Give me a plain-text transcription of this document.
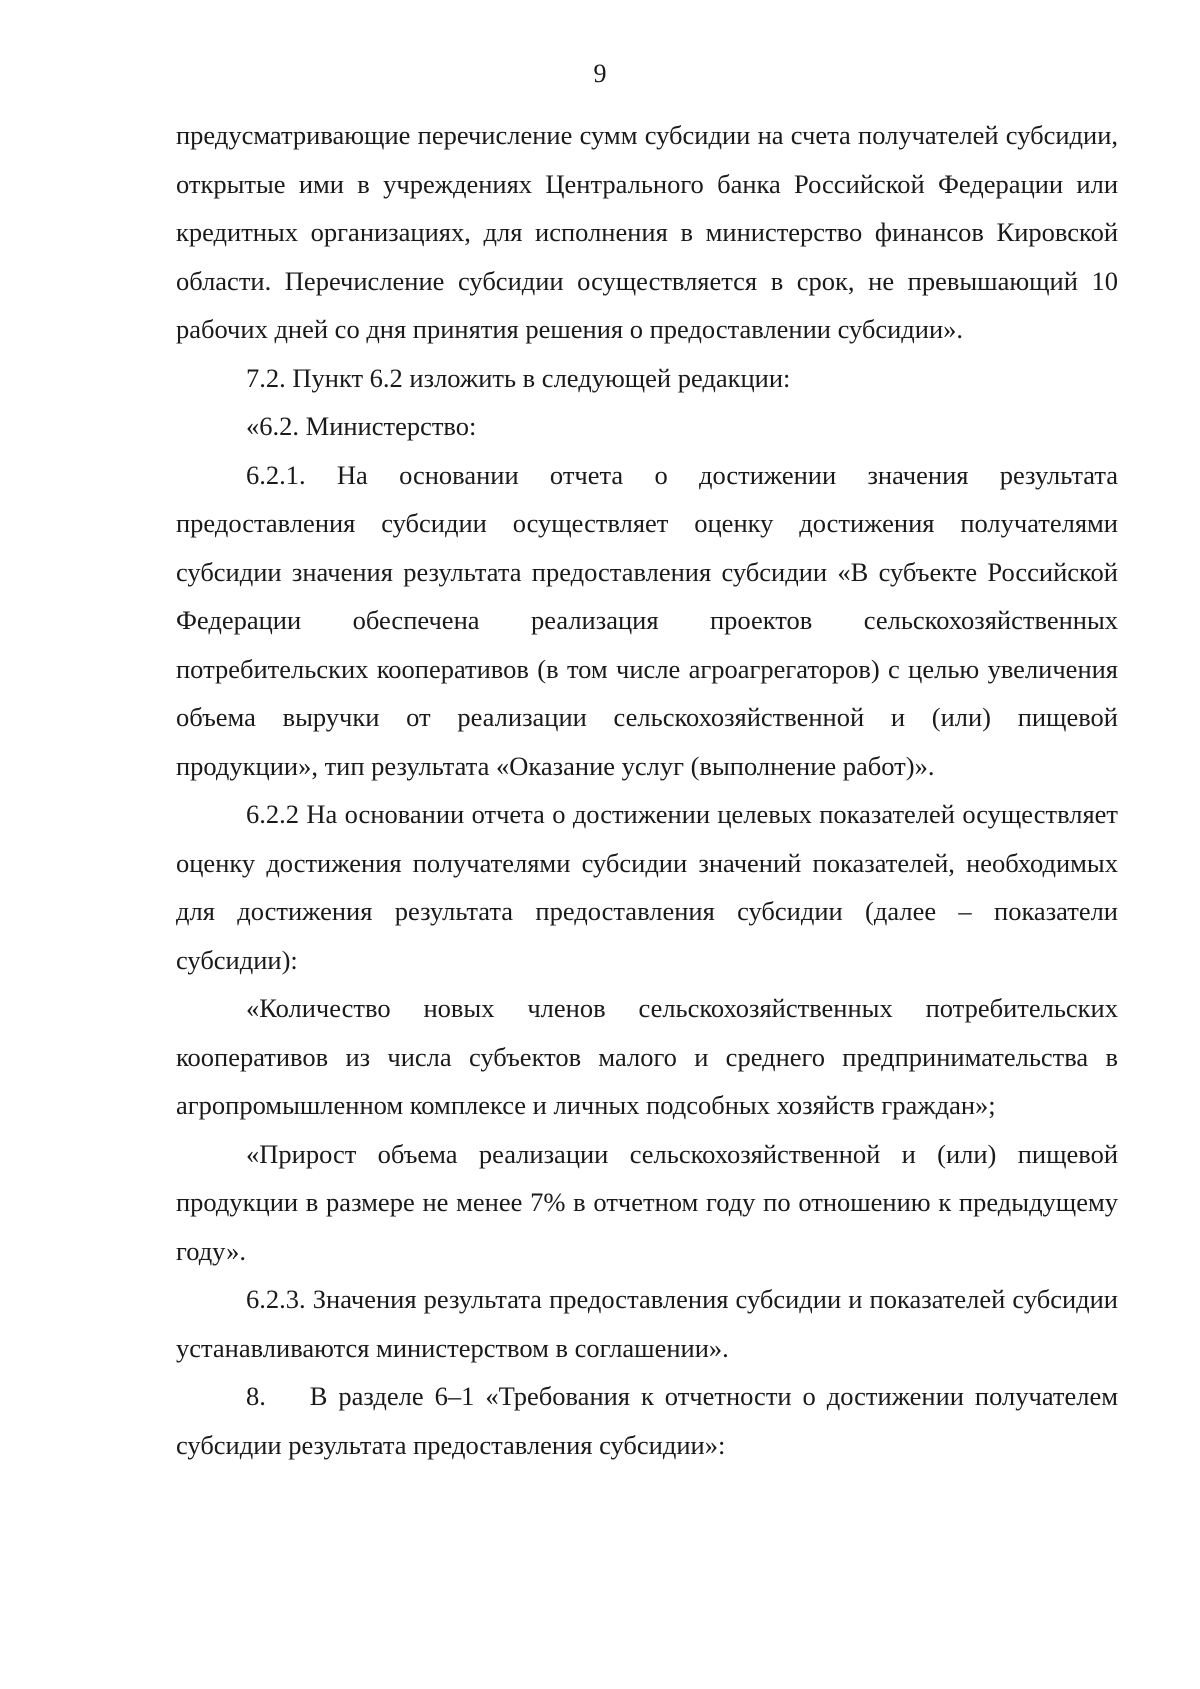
9

предусматривающие перечисление сумм субсидии на счета получателей субсидии, открытые ими в учреждениях Центрального банка Российской Федерации или кредитных организациях, для исполнения в министерство финансов Кировской области. Перечисление субсидии осуществляется в срок, не превышающий 10 рабочих дней со дня принятия решения о предоставлении субсидии».

7.2. Пункт 6.2 изложить в следующей редакции:

«6.2. Министерство:

6.2.1. На основании отчета о достижении значения результата предоставления субсидии осуществляет оценку достижения получателями субсидии значения результата предоставления субсидии «В субъекте Российской Федерации обеспечена реализация проектов сельскохозяйственных потребительских кооперативов (в том числе агроагрегаторов) с целью увеличения объема выручки от реализации сельскохозяйственной и (или) пищевой продукции», тип результата «Оказание услуг (выполнение работ)».

6.2.2 На основании отчета о достижении целевых показателей осуществляет оценку достижения получателями субсидии значений показателей, необходимых для достижения результата предоставления субсидии (далее – показатели субсидии):

«Количество новых членов сельскохозяйственных потребительских кооперативов из числа субъектов малого и среднего предпринимательства в агропромышленном комплексе и личных подсобных хозяйств граждан»;

«Прирост объема реализации сельскохозяйственной и (или) пищевой продукции в размере не менее 7% в отчетном году по отношению к предыдущему году».

6.2.3. Значения результата предоставления субсидии и показателей субсидии устанавливаются министерством в соглашении».

8. В разделе 6–1 «Требования к отчетности о достижении получателем субсидии результата предоставления субсидии»:
